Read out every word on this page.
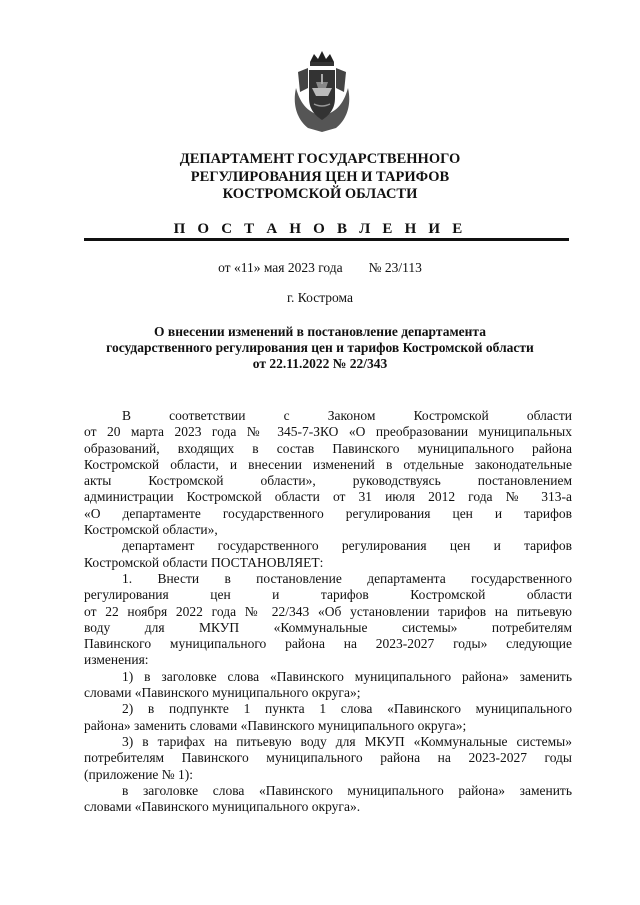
ДЕПАРТАМЕНТ ГОСУДАРСТВЕННОГО
РЕГУЛИРОВАНИЯ ЦЕН И ТАРИФОВ
КОСТРОМСКОЙ ОБЛАСТИ
П О С Т А Н О В Л Е Н И Е
от «11» мая 2023 года № 23/113
г. Кострома
О внесении изменений в постановление департамента
государственного регулирования цен и тарифов Костромской области
от 22.11.2022 № 22/343
В соответствии с Законом Костромской области
от 20 марта 2023 года № 345-7-ЗКО «О преобразовании муниципальных
образований, входящих в состав Павинского муниципального района
Костромской области, и внесении изменений в отдельные законодательные
акты Костромской области», руководствуясь постановлением
администрации Костромской области от 31 июля 2012 года № 313-а
«О департаменте государственного регулирования цен и тарифов
Костромской области»,
департамент государственного регулирования цен и тарифов
Костромской области ПОСТАНОВЛЯЕТ:
1. Внести в постановление департамента государственного
регулирования цен и тарифов Костромской области
от 22 ноября 2022 года № 22/343 «Об установлении тарифов на питьевую
воду для МКУП «Коммунальные системы» потребителям
Павинского муниципального района на 2023-2027 годы» следующие
изменения:
1) в заголовке слова «Павинского муниципального района» заменить
словами «Павинского муниципального округа»;
2) в подпункте 1 пункта 1 слова «Павинского муниципального
района» заменить словами «Павинского муниципального округа»;
3) в тарифах на питьевую воду для МКУП «Коммунальные системы»
потребителям Павинского муниципального района на 2023-2027 годы
(приложение № 1):
в заголовке слова «Павинского муниципального района» заменить
словами «Павинского муниципального округа».
